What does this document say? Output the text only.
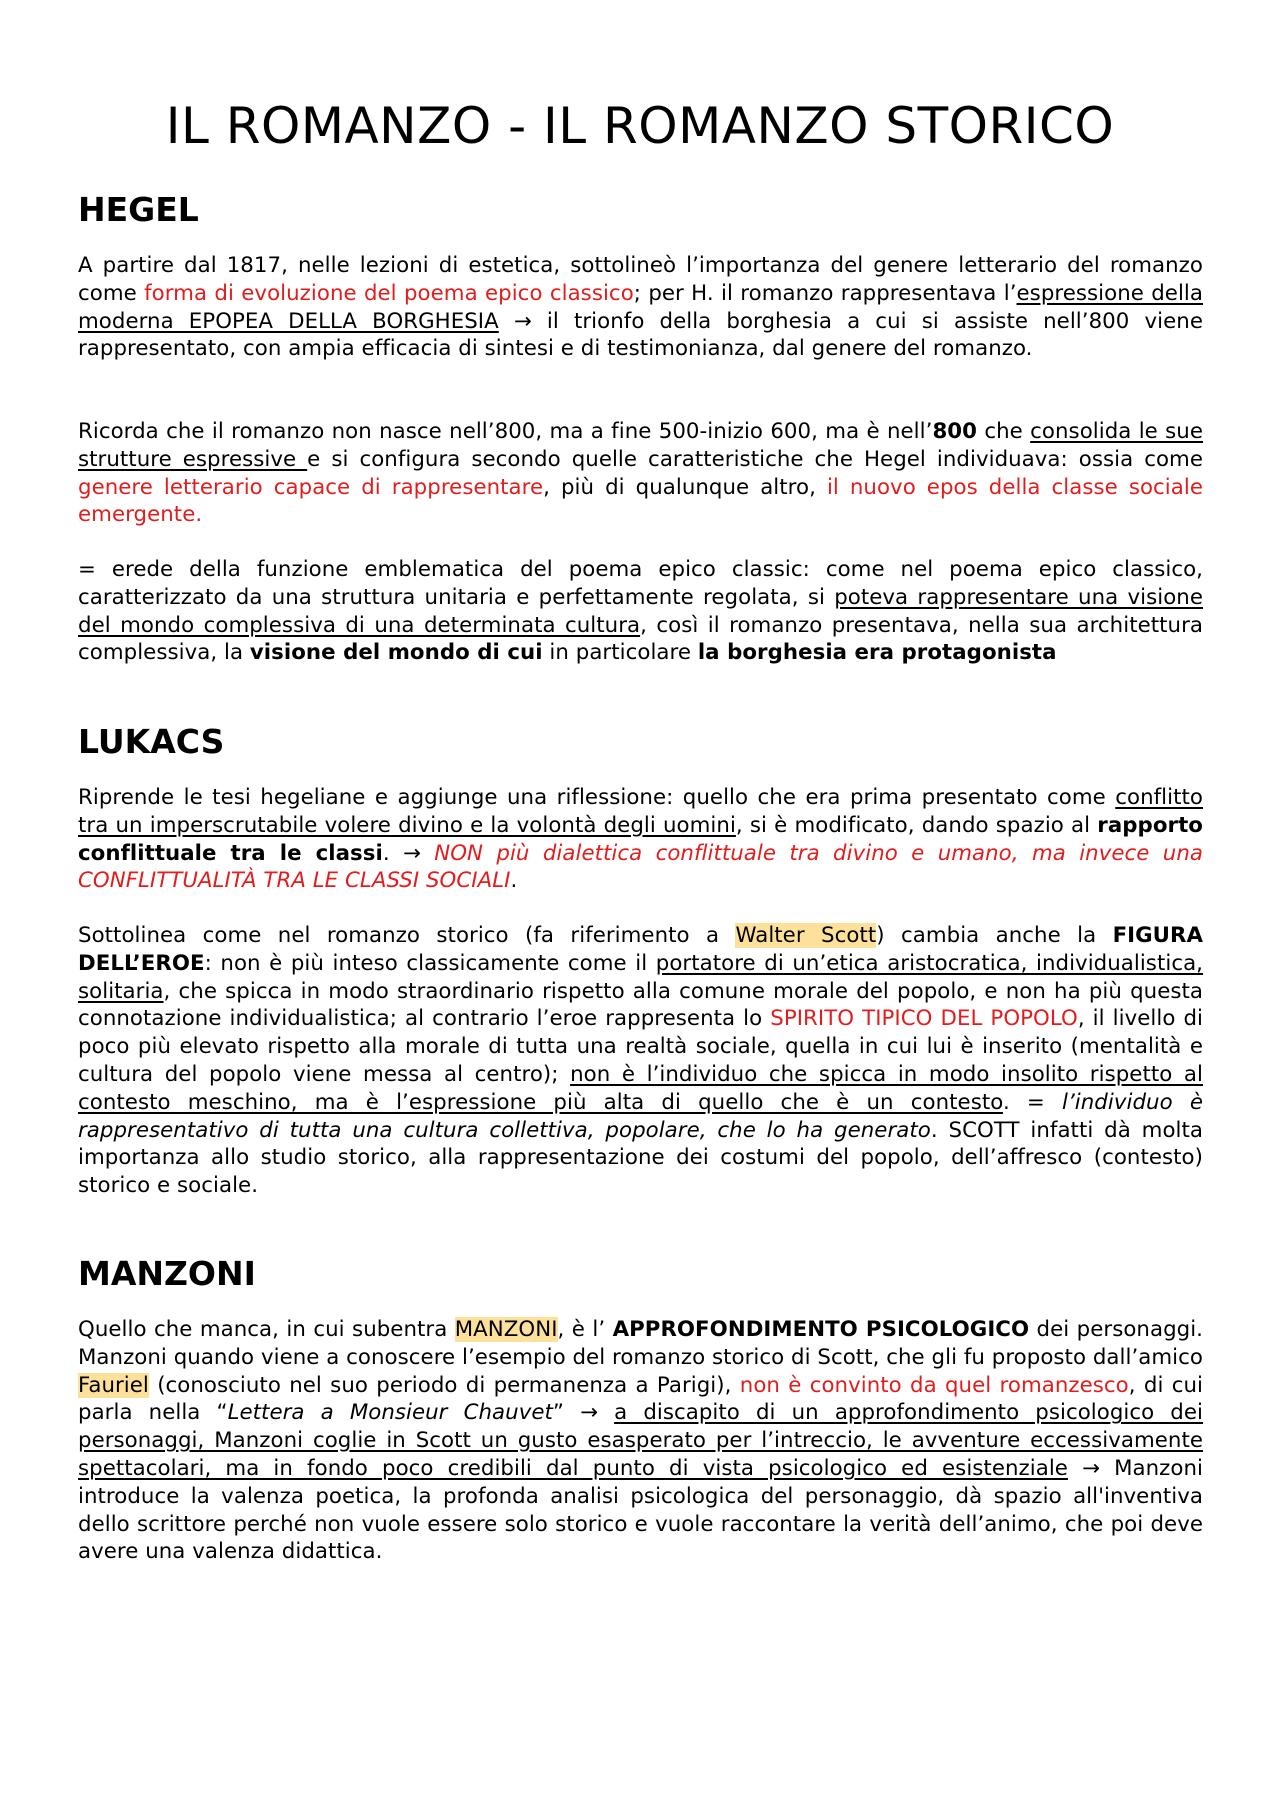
IL ROMANZO - IL ROMANZO STORICO
HEGEL

A partire dal 1817, nelle lezioni di estetica, sottolineò l’importanza del genere letterario del romanzo come forma di evoluzione del poema epico classico; per H. il romanzo rappresentava l’espressione della moderna EPOPEA DELLA BORGHESIA → il trionfo della borghesia a cui si assiste nell’800 viene rappresentato, con ampia efficacia di sintesi e di testimonianza, dal genere del romanzo.

Ricorda che il romanzo non nasce nell’800, ma a fine 500-inizio 600, ma è nell’800 che consolida le sue strutture espressive e si configura secondo quelle caratteristiche che Hegel individuava: ossia come genere letterario capace di rappresentare, più di qualunque altro, il nuovo epos della classe sociale emergente.

= erede della funzione emblematica del poema epico classic: come nel poema epico classico, caratterizzato da una struttura unitaria e perfettamente regolata, si poteva rappresentare una visione del mondo complessiva di una determinata cultura, così il romanzo presentava, nella sua architettura complessiva, la visione del mondo di cui in particolare la borghesia era protagonista

LUKACS

Riprende le tesi hegeliane e aggiunge una riflessione: quello che era prima presentato come conflitto tra un imperscrutabile volere divino e la volontà degli uomini, si è modificato, dando spazio al rapporto conflittuale tra le classi. → NON più dialettica conflittuale tra divino e umano, ma invece una CONFLITTUALITÀ TRA LE CLASSI SOCIALI.

Sottolinea come nel romanzo storico (fa riferimento a Walter Scott) cambia anche la FIGURA DELL’EROE: non è più inteso classicamente come il portatore di un’etica aristocratica, individualistica, solitaria, che spicca in modo straordinario rispetto alla comune morale del popolo, e non ha più questa connotazione individualistica; al contrario l’eroe rappresenta lo SPIRITO TIPICO DEL POPOLO, il livello di poco più elevato rispetto alla morale di tutta una realtà sociale, quella in cui lui è inserito (mentalità e cultura del popolo viene messa al centro); non è l’individuo che spicca in modo insolito rispetto al contesto meschino, ma è l’espressione più alta di quello che è un contesto. = l’individuo è rappresentativo di tutta una cultura collettiva, popolare, che lo ha generato. SCOTT infatti dà molta importanza allo studio storico, alla rappresentazione dei costumi del popolo, dell’affresco (contesto) storico e sociale.

MANZONI

Quello che manca, in cui subentra MANZONI, è l’ APPROFONDIMENTO PSICOLOGICO dei personaggi. Manzoni quando viene a conoscere l’esempio del romanzo storico di Scott, che gli fu proposto dall’amico Fauriel (conosciuto nel suo periodo di permanenza a Parigi), non è convinto da quel romanzesco, di cui parla nella “Lettera a Monsieur Chauvet” → a discapito di un approfondimento psicologico dei personaggi, Manzoni coglie in Scott un gusto esasperato per l’intreccio, le avventure eccessivamente spettacolari, ma in fondo poco credibili dal punto di vista psicologico ed esistenziale → Manzoni introduce la valenza poetica, la profonda analisi psicologica del personaggio, dà spazio all'inventiva dello scrittore perché non vuole essere solo storico e vuole raccontare la verità dell’animo, che poi deve avere una valenza didattica.
